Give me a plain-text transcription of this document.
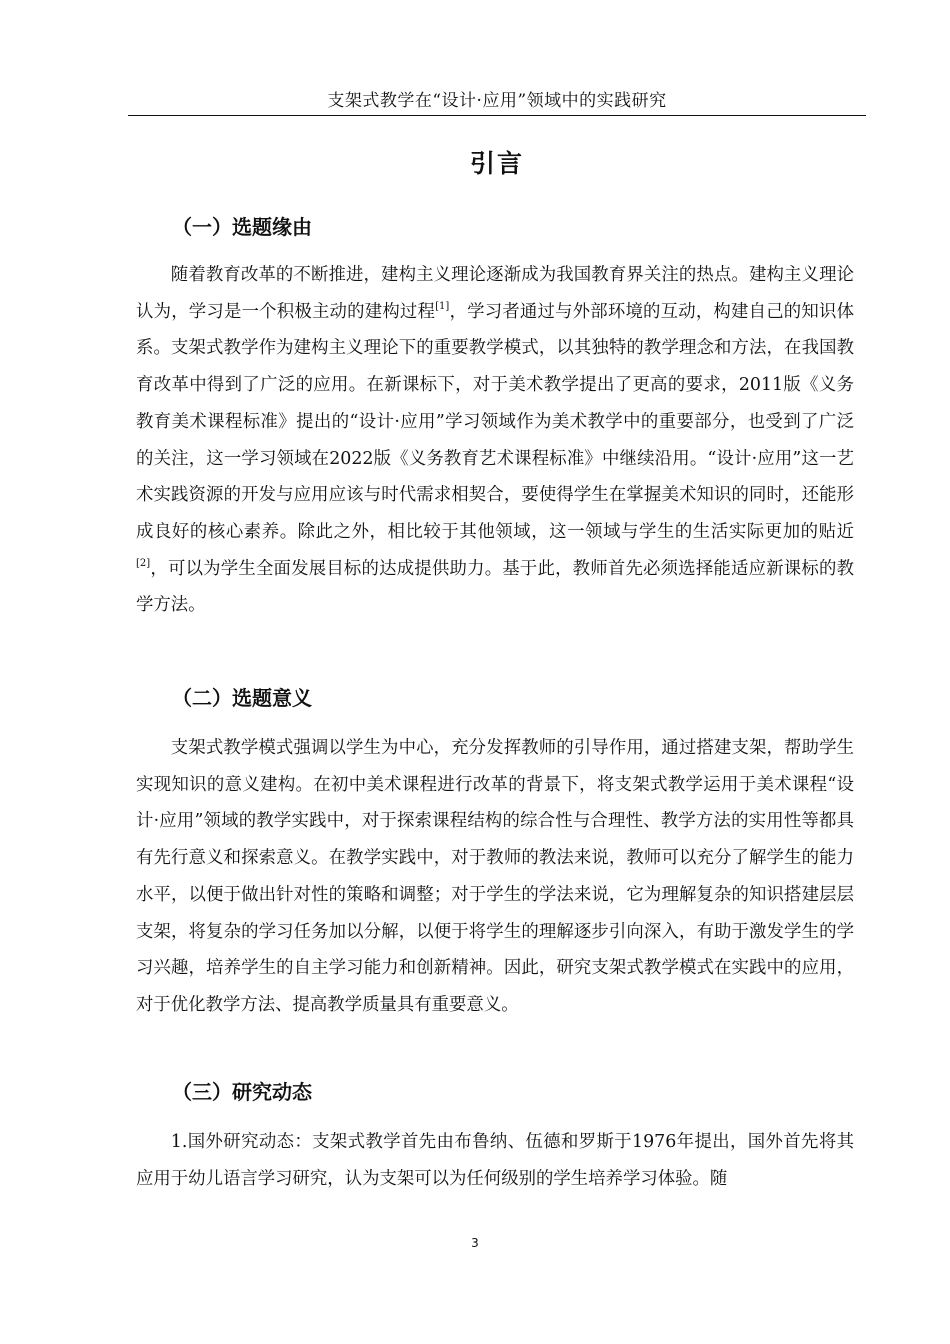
支架式教学在“设计·应用”领域中的实践研究
引言
（一）选题缘由

随着教育改革的不断推进，建构主义理论逐渐成为我国教育界关注的热点。建构主义理论认为，学习是一个积极主动的建构过程[1]，学习者通过与外部环境的互动，构建自己的知识体系。支架式教学作为建构主义理论下的重要教学模式，以其独特的教学理念和方法，在我国教育改革中得到了广泛的应用。在新课标下，对于美术教学提出了更高的要求，2011版《义务教育美术课程标准》提出的“设计·应用”学习领域作为美术教学中的重要部分，也受到了广泛的关注，这一学习领域在2022版《义务教育艺术课程标准》中继续沿用。“设计·应用”这一艺术实践资源的开发与应用应该与时代需求相契合，要使得学生在掌握美术知识的同时，还能形成良好的核心素养。除此之外，相比较于其他领域，这一领域与学生的生活实际更加的贴近[2]，可以为学生全面发展目标的达成提供助力。基于此，教师首先必须选择能适应新课标的教学方法。

（二）选题意义

支架式教学模式强调以学生为中心，充分发挥教师的引导作用，通过搭建支架，帮助学生实现知识的意义建构。在初中美术课程进行改革的背景下，将支架式教学运用于美术课程“设计·应用”领域的教学实践中，对于探索课程结构的综合性与合理性、教学方法的实用性等都具有先行意义和探索意义。在教学实践中，对于教师的教法来说，教师可以充分了解学生的能力水平，以便于做出针对性的策略和调整；对于学生的学法来说，它为理解复杂的知识搭建层层支架，将复杂的学习任务加以分解，以便于将学生的理解逐步引向深入，有助于激发学生的学习兴趣，培养学生的自主学习能力和创新精神。因此，研究支架式教学模式在实践中的应用，对于优化教学方法、提高教学质量具有重要意义。

（三）研究动态

1.国外研究动态：支架式教学首先由布鲁纳、伍德和罗斯于1976年提出，国外首先将其应用于幼儿语言学习研究，认为支架可以为任何级别的学生培养学习体验。随

3
